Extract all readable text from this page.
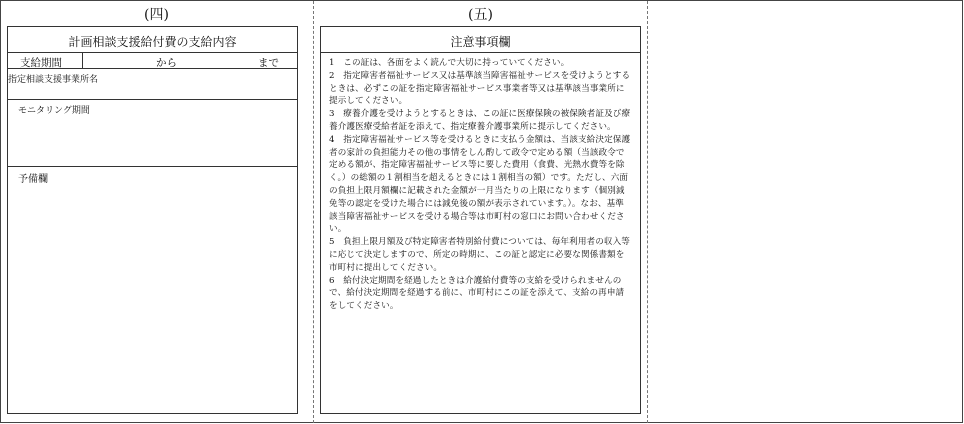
(四)
計画相談支援給付費の支給内容
支給期間	から	まで
指定相談支援事業所名
モニタリング期間
予備欄
(五)
注意事項欄

1　この証は、各面をよく読んで大切に持っていてください。

2　指定障害者福祉サービス又は基準該当障害福祉サービスを受けようとするときは、必ずこの証を指定障害福祉サービス事業者等又は基準該当事業所に提示してください。

3　療養介護を受けようとするときは、この証に医療保険の被保険者証及び療養介護医療受給者証を添えて、指定療養介護事業所に提示してください。

4　指定障害福祉サービス等を受けるときに支払う金額は、当該支給決定保護者の家計の負担能力その他の事情をしん酌して政令で定める額（当該政令で定める額が、指定障害福祉サービス等に要した費用（食費、光熱水費等を除く。）の総額の１割相当を超えるときには１割相当の額）です。ただし、六面の負担上限月額欄に記載された金額が一月当たりの上限になります（個別減免等の認定を受けた場合には減免後の額が表示されています。）。なお、基準該当障害福祉サービスを受ける場合等は市町村の窓口にお問い合わせください。

5　負担上限月額及び特定障害者特別給付費については、毎年利用者の収入等に応じて決定しますので、所定の時期に、この証と認定に必要な関係書類を市町村に提出してください。

6　給付決定期間を経過したときは介護給付費等の支給を受けられませんので、給付決定期間を経過する前に、市町村にこの証を添えて、支給の再申請をしてください。
